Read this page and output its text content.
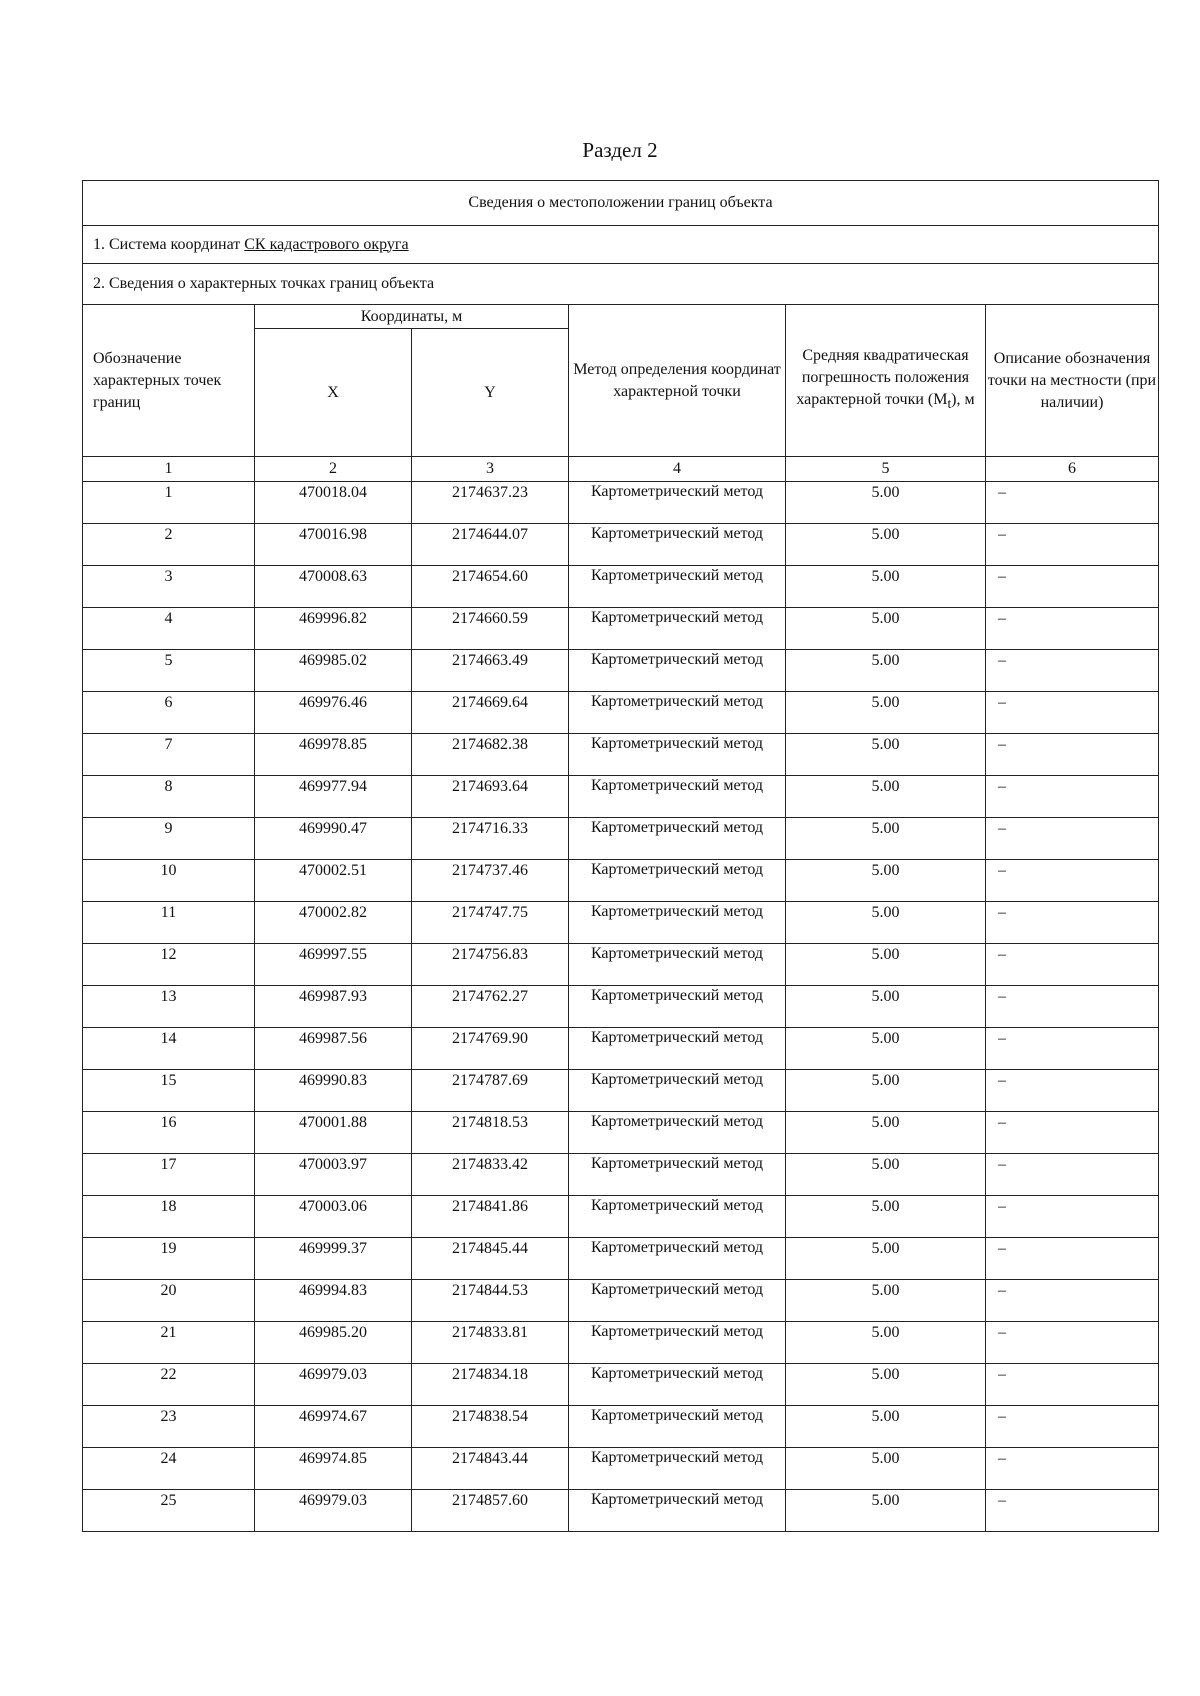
Раздел 2
Сведения о местоположении границ объекта					
1. Система координат СК кадастрового округа					
2. Сведения о характерных точках границ объекта					
Обозначение характерных точек границ	Координаты, м		Метод определения координат характерной точки	Средняя квадратическая погрешность положения характерной точки $(M_t)$, м	Описание обозначения точки на местности (при наличии)
	X	Y			
1	2	3	4	5	6

1	470018.04	2174637.23	Картометрический метод	5.00	–

2	470016.98	2174644.07	Картометрический метод	5.00	–

3	470008.63	2174654.60	Картометрический метод	5.00	–

4	469996.82	2174660.59	Картометрический метод	5.00	–

5	469985.02	2174663.49	Картометрический метод	5.00	–

6	469976.46	2174669.64	Картометрический метод	5.00	–

7	469978.85	2174682.38	Картометрический метод	5.00	–

8	469977.94	2174693.64	Картометрический метод	5.00	–

9	469990.47	2174716.33	Картометрический метод	5.00	–

10	470002.51	2174737.46	Картометрический метод	5.00	–

11	470002.82	2174747.75	Картометрический метод	5.00	–

12	469997.55	2174756.83	Картометрический метод	5.00	–

13	469987.93	2174762.27	Картометрический метод	5.00	–

14	469987.56	2174769.90	Картометрический метод	5.00	–

15	469990.83	2174787.69	Картометрический метод	5.00	–

16	470001.88	2174818.53	Картометрический метод	5.00	–

17	470003.97	2174833.42	Картометрический метод	5.00	–

18	470003.06	2174841.86	Картометрический метод	5.00	–

19	469999.37	2174845.44	Картометрический метод	5.00	–

20	469994.83	2174844.53	Картометрический метод	5.00	–

21	469985.20	2174833.81	Картометрический метод	5.00	–

22	469979.03	2174834.18	Картометрический метод	5.00	–

23	469974.67	2174838.54	Картометрический метод	5.00	–

24	469974.85	2174843.44	Картометрический метод	5.00	–

25	469979.03	2174857.60	Картометрический метод	5.00	–
